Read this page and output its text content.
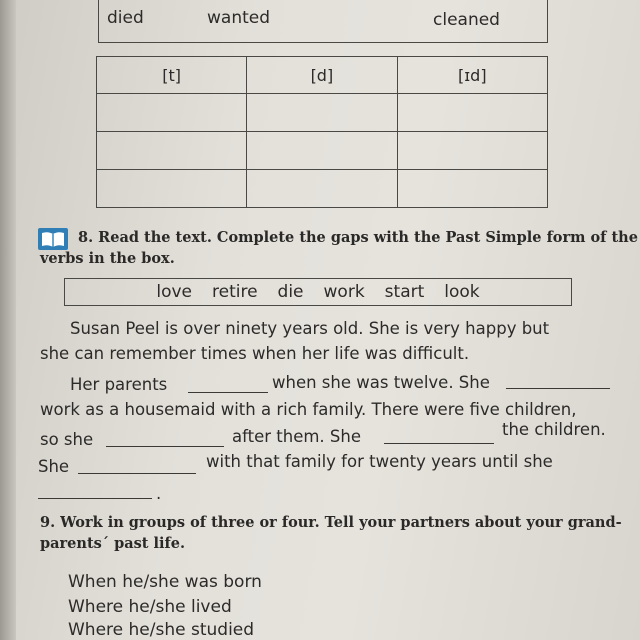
died	wanted	cleaned
[t]	[d]	[ɪd]

8. Read the text. Complete the gaps with the Past Simple form of the
verbs in the box.
love retire die work start look
Susan Peel is over ninety years old. She is very happy but
she can remember times when her life was difficult.
Her parents	when she was twelve. She
work as a housemaid with a rich family. There were five children,
so she	after them. She	the children.
She	with that family for twenty years until she
.
9. Work in groups of three or four. Tell your partners about your grand-
parents´ past life.
When he/she was born
Where he/she lived
Where he/she studied
